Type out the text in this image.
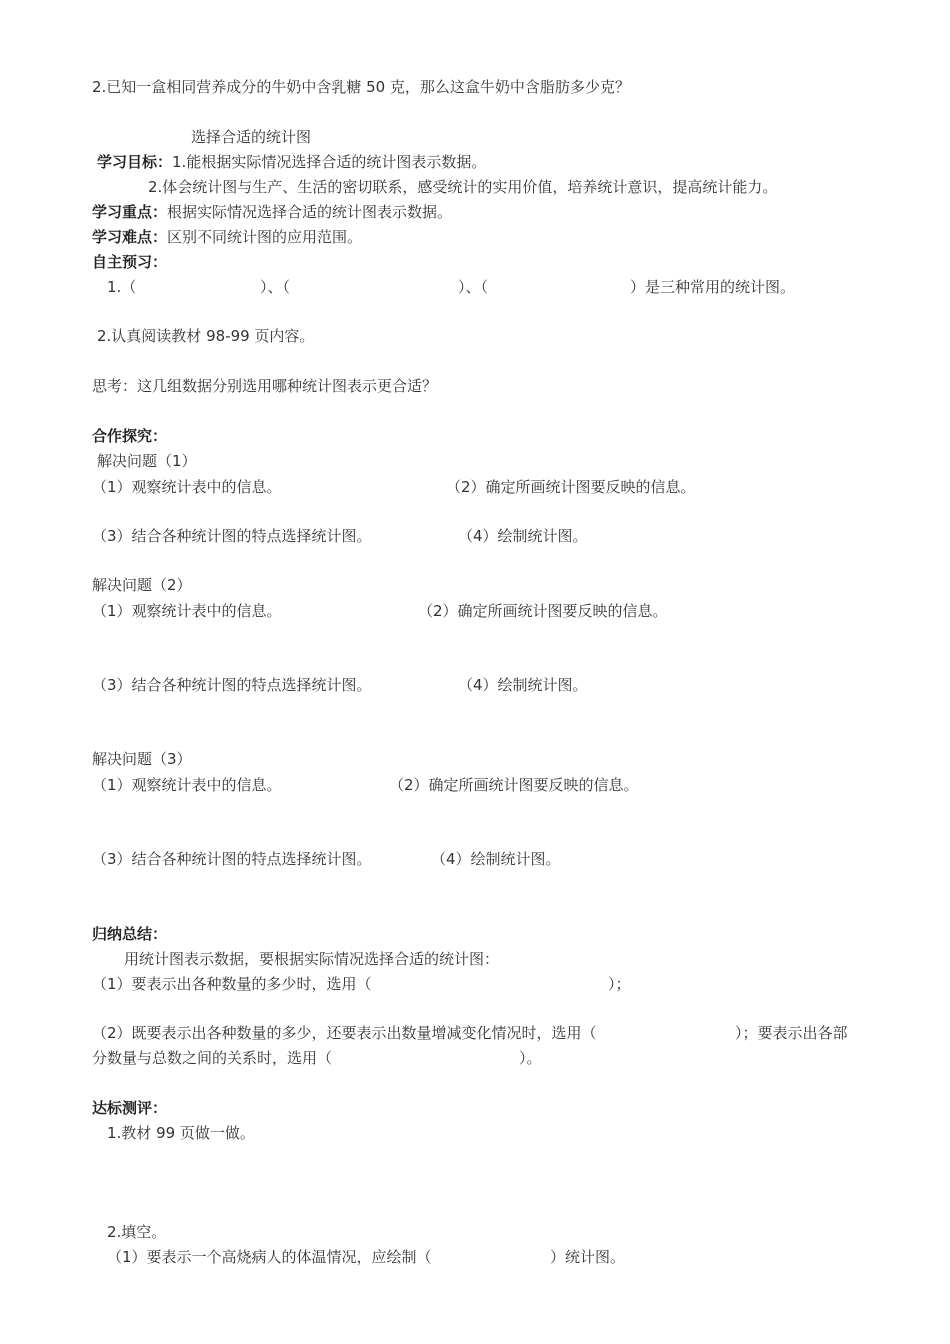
2.已知一盒相同营养成分的牛奶中含乳糖 50 克，那么这盒牛奶中含脂肪多少克？
选择合适的统计图
学习目标：1.能根据实际情况选择合适的统计图表示数据。
2.体会统计图与生产、生活的密切联系，感受统计的实用价值，培养统计意识，提高统计能力。
学习重点：根据实际情况选择合适的统计图表示数据。
学习难点：区别不同统计图的应用范围。
自主预习：
1.（	）、（	）、（	）是三种常用的统计图。
2.认真阅读教材 98-99 页内容。
思考：这几组数据分别选用哪种统计图表示更合适？
合作探究：
解决问题（1）
（1）观察统计表中的信息。	（2）确定所画统计图要反映的信息。
（3）结合各种统计图的特点选择统计图。	（4）绘制统计图。
解决问题（2）
（1）观察统计表中的信息。	（2）确定所画统计图要反映的信息。
（3）结合各种统计图的特点选择统计图。	（4）绘制统计图。
解决问题（3）
（1）观察统计表中的信息。	（2）确定所画统计图要反映的信息。
（3）结合各种统计图的特点选择统计图。	（4）绘制统计图。
归纳总结：
用统计图表示数据，要根据实际情况选择合适的统计图：
（1）要表示出各种数量的多少时，选用（	）；
（2）既要表示出各种数量的多少，还要表示出数量增减变化情况时，选用（	）；要表示出各部
分数量与总数之间的关系时，选用（	）。
达标测评：
1.教材 99 页做一做。
2.填空。
（1）要表示一个高烧病人的体温情况，应绘制（	）统计图。
